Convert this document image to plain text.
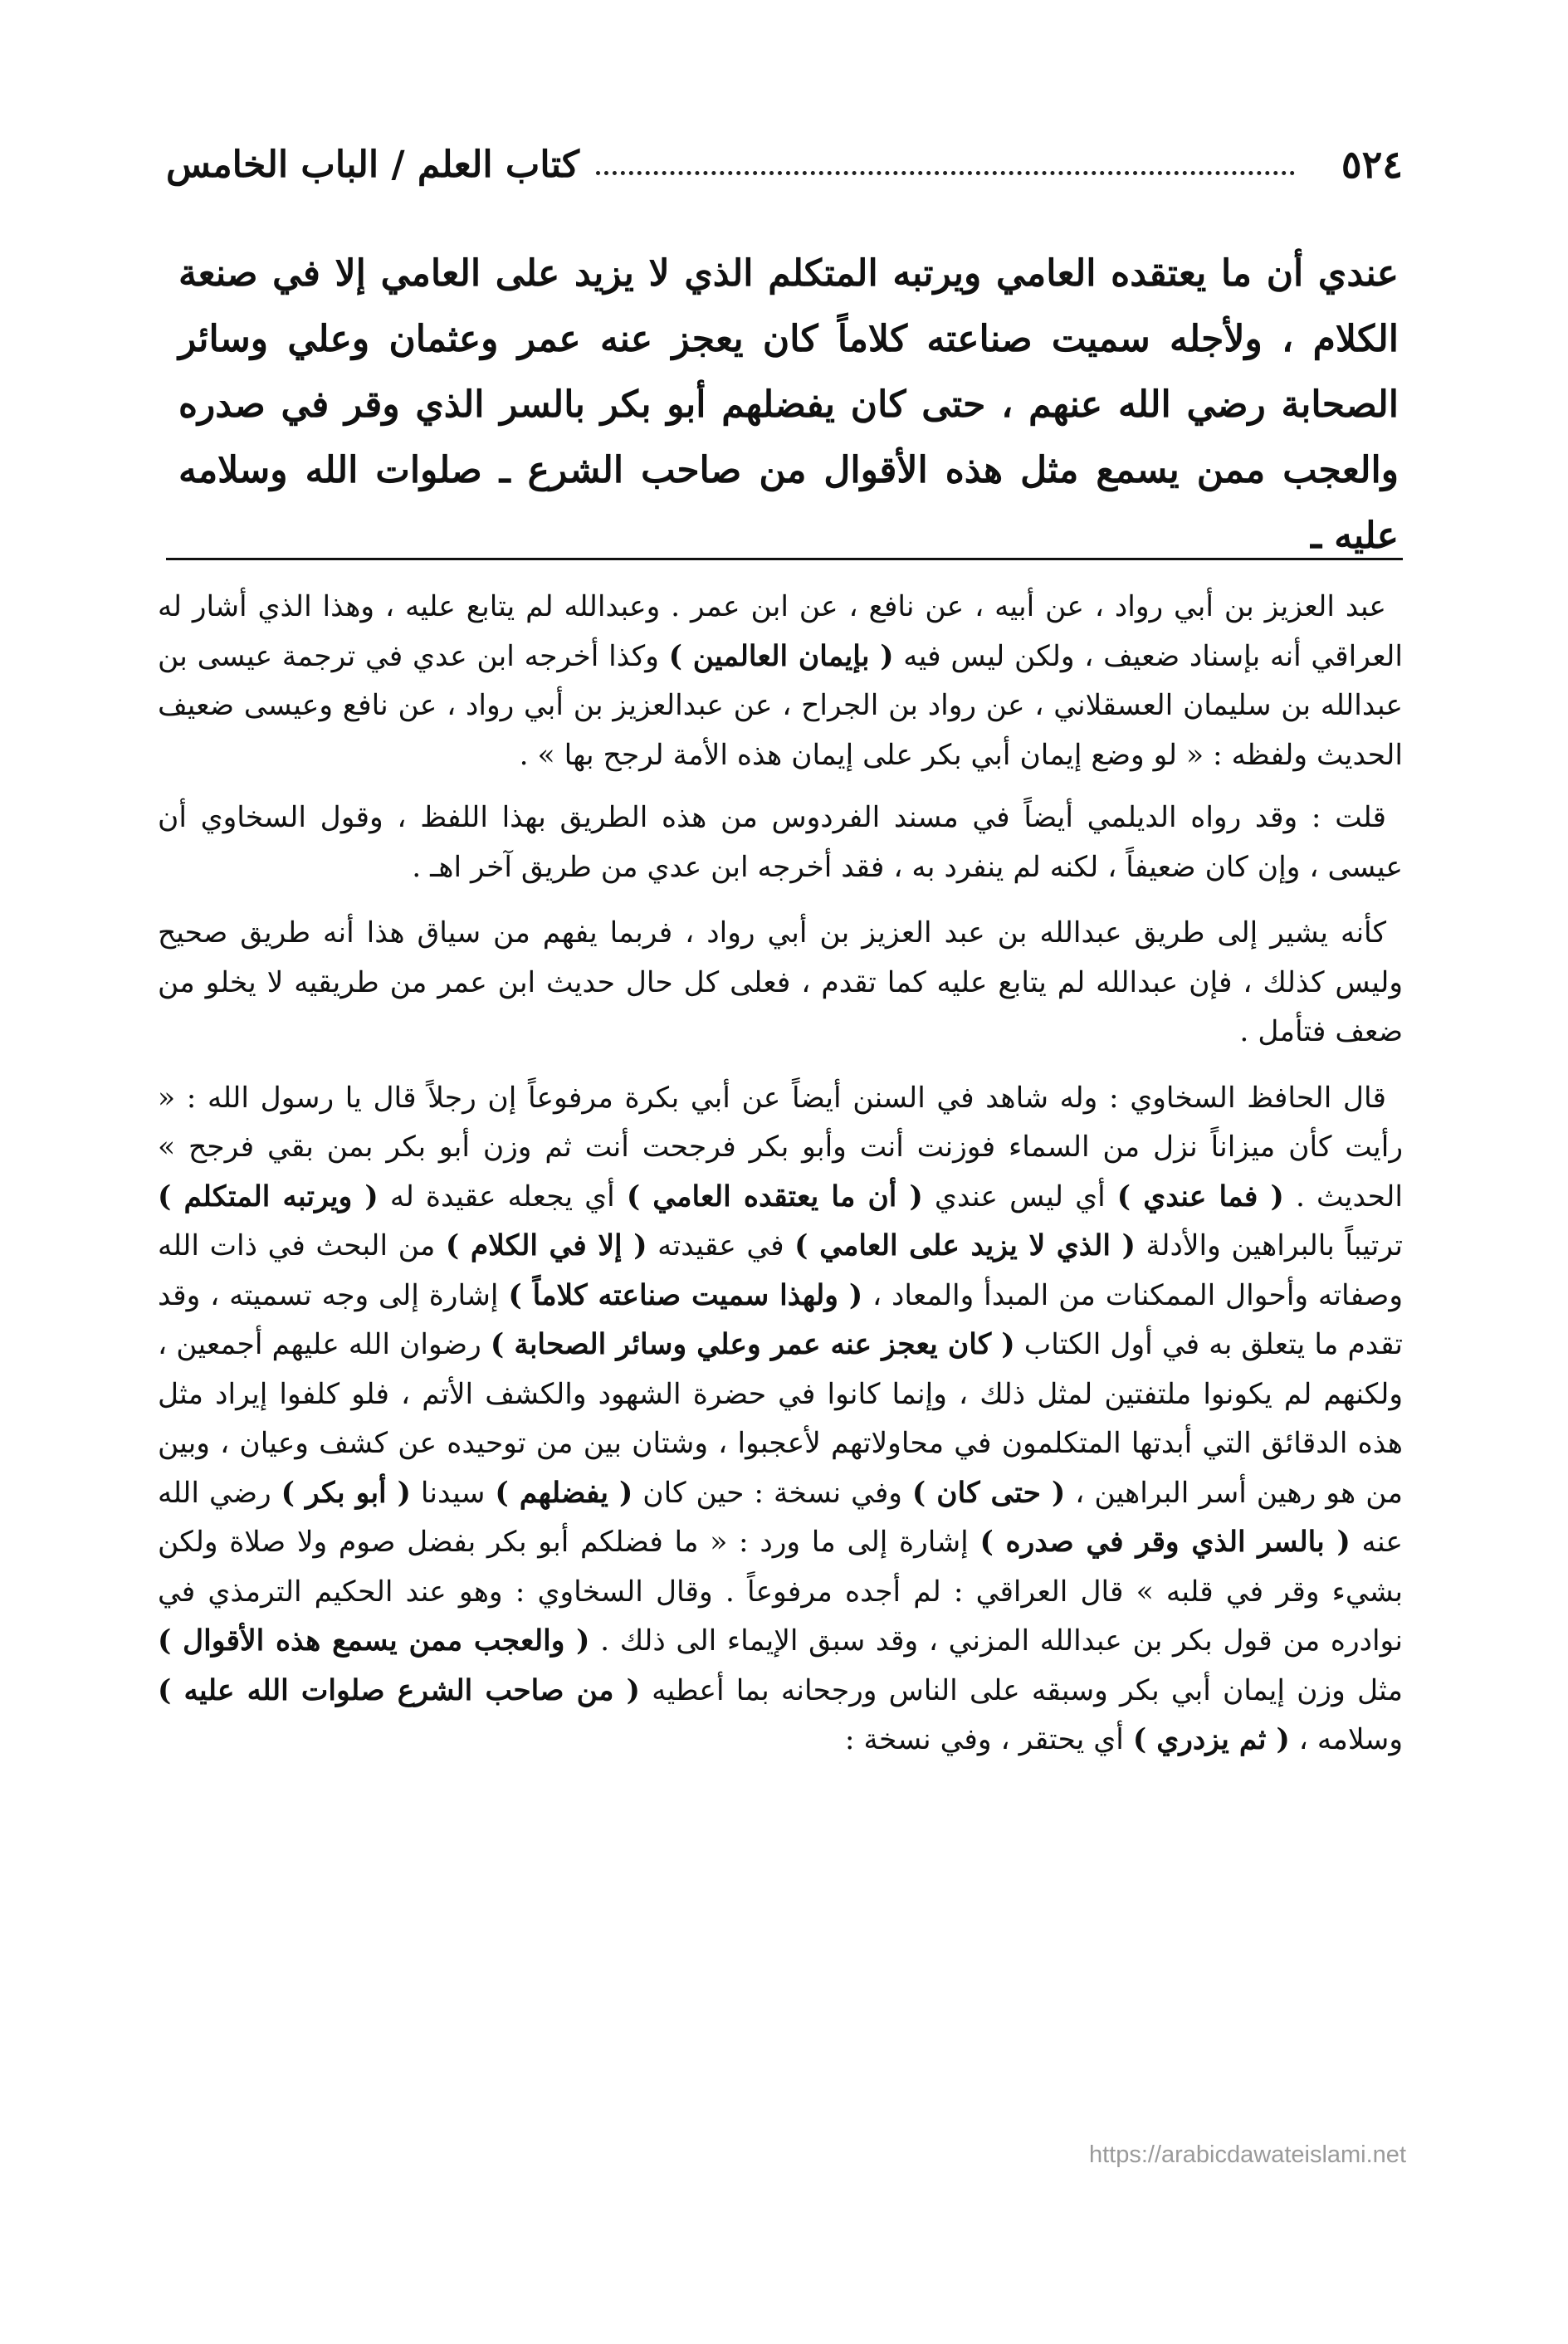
٥٢٤
كتاب العلم / الباب الخامس

عندي أن ما يعتقده العامي ويرتبه المتكلم الذي لا يزيد على العامي إلا في صنعة الكلام ، ولأجله سميت صناعته كلاماً كان يعجز عنه عمر وعثمان وعلي وسائر الصحابة رضي الله عنهم ، حتى كان يفضلهم أبو بكر بالسر الذي وقر في صدره والعجب ممن يسمع مثل هذه الأقوال من صاحب الشرع ـ صلوات الله وسلامه عليه ـ

عبد العزيز بن أبي رواد ، عن أبيه ، عن نافع ، عن ابن عمر . وعبدالله لم يتابع عليه ، وهذا الذي أشار له العراقي أنه بإسناد ضعيف ، ولكن ليس فيه ( بإيمان العالمين ) وكذا أخرجه ابن عدي في ترجمة عيسى بن عبدالله بن سليمان العسقلاني ، عن رواد بن الجراح ، عن عبدالعزيز بن أبي رواد ، عن نافع وعيسى ضعيف الحديث ولفظه : « لو وضع إيمان أبي بكر على إيمان هذه الأمة لرجح بها » .

قلت : وقد رواه الديلمي أيضاً في مسند الفردوس من هذه الطريق بهذا اللفظ ، وقول السخاوي أن عيسى ، وإن كان ضعيفاً ، لكنه لم ينفرد به ، فقد أخرجه ابن عدي من طريق آخر اهـ .

كأنه يشير إلى طريق عبدالله بن عبد العزيز بن أبي رواد ، فربما يفهم من سياق هذا أنه طريق صحيح وليس كذلك ، فإن عبدالله لم يتابع عليه كما تقدم ، فعلى كل حال حديث ابن عمر من طريقيه لا يخلو من ضعف فتأمل .

قال الحافظ السخاوي : وله شاهد في السنن أيضاً عن أبي بكرة مرفوعاً إن رجلاً قال يا رسول الله : « رأيت كأن ميزاناً نزل من السماء فوزنت أنت وأبو بكر فرجحت أنت ثم وزن أبو بكر بمن بقي فرجح » الحديث . ( فما عندي ) أي ليس عندي ( أن ما يعتقده العامي ) أي يجعله عقيدة له ( ويرتبه المتكلم ) ترتيباً بالبراهين والأدلة ( الذي لا يزيد على العامي ) في عقيدته ( إلا في الكلام ) من البحث في ذات الله وصفاته وأحوال الممكنات من المبدأ والمعاد ، ( ولهذا سميت صناعته كلاماً ) إشارة إلى وجه تسميته ، وقد تقدم ما يتعلق به في أول الكتاب ( كان يعجز عنه عمر وعلي وسائر الصحابة ) رضوان الله عليهم أجمعين ، ولكنهم لم يكونوا ملتفتين لمثل ذلك ، وإنما كانوا في حضرة الشهود والكشف الأتم ، فلو كلفوا إيراد مثل هذه الدقائق التي أبدتها المتكلمون في محاولاتهم لأعجبوا ، وشتان بين من توحيده عن كشف وعيان ، وبين من هو رهين أسر البراهين ، ( حتى كان ) وفي نسخة : حين كان ( يفضلهم ) سيدنا ( أبو بكر ) رضي الله عنه ( بالسر الذي وقر في صدره ) إشارة إلى ما ورد : « ما فضلكم أبو بكر بفضل صوم ولا صلاة ولكن بشيء وقر في قلبه » قال العراقي : لم أجده مرفوعاً . وقال السخاوي : وهو عند الحكيم الترمذي في نوادره من قول بكر بن عبدالله المزني ، وقد سبق الإيماء الى ذلك . ( والعجب ممن يسمع هذه الأقوال ) مثل وزن إيمان أبي بكر وسبقه على الناس ورجحانه بما أعطيه ( من صاحب الشرع صلوات الله عليه ) وسلامه ، ( ثم يزدري ) أي يحتقر ، وفي نسخة :

https://arabicdawateislami.net
